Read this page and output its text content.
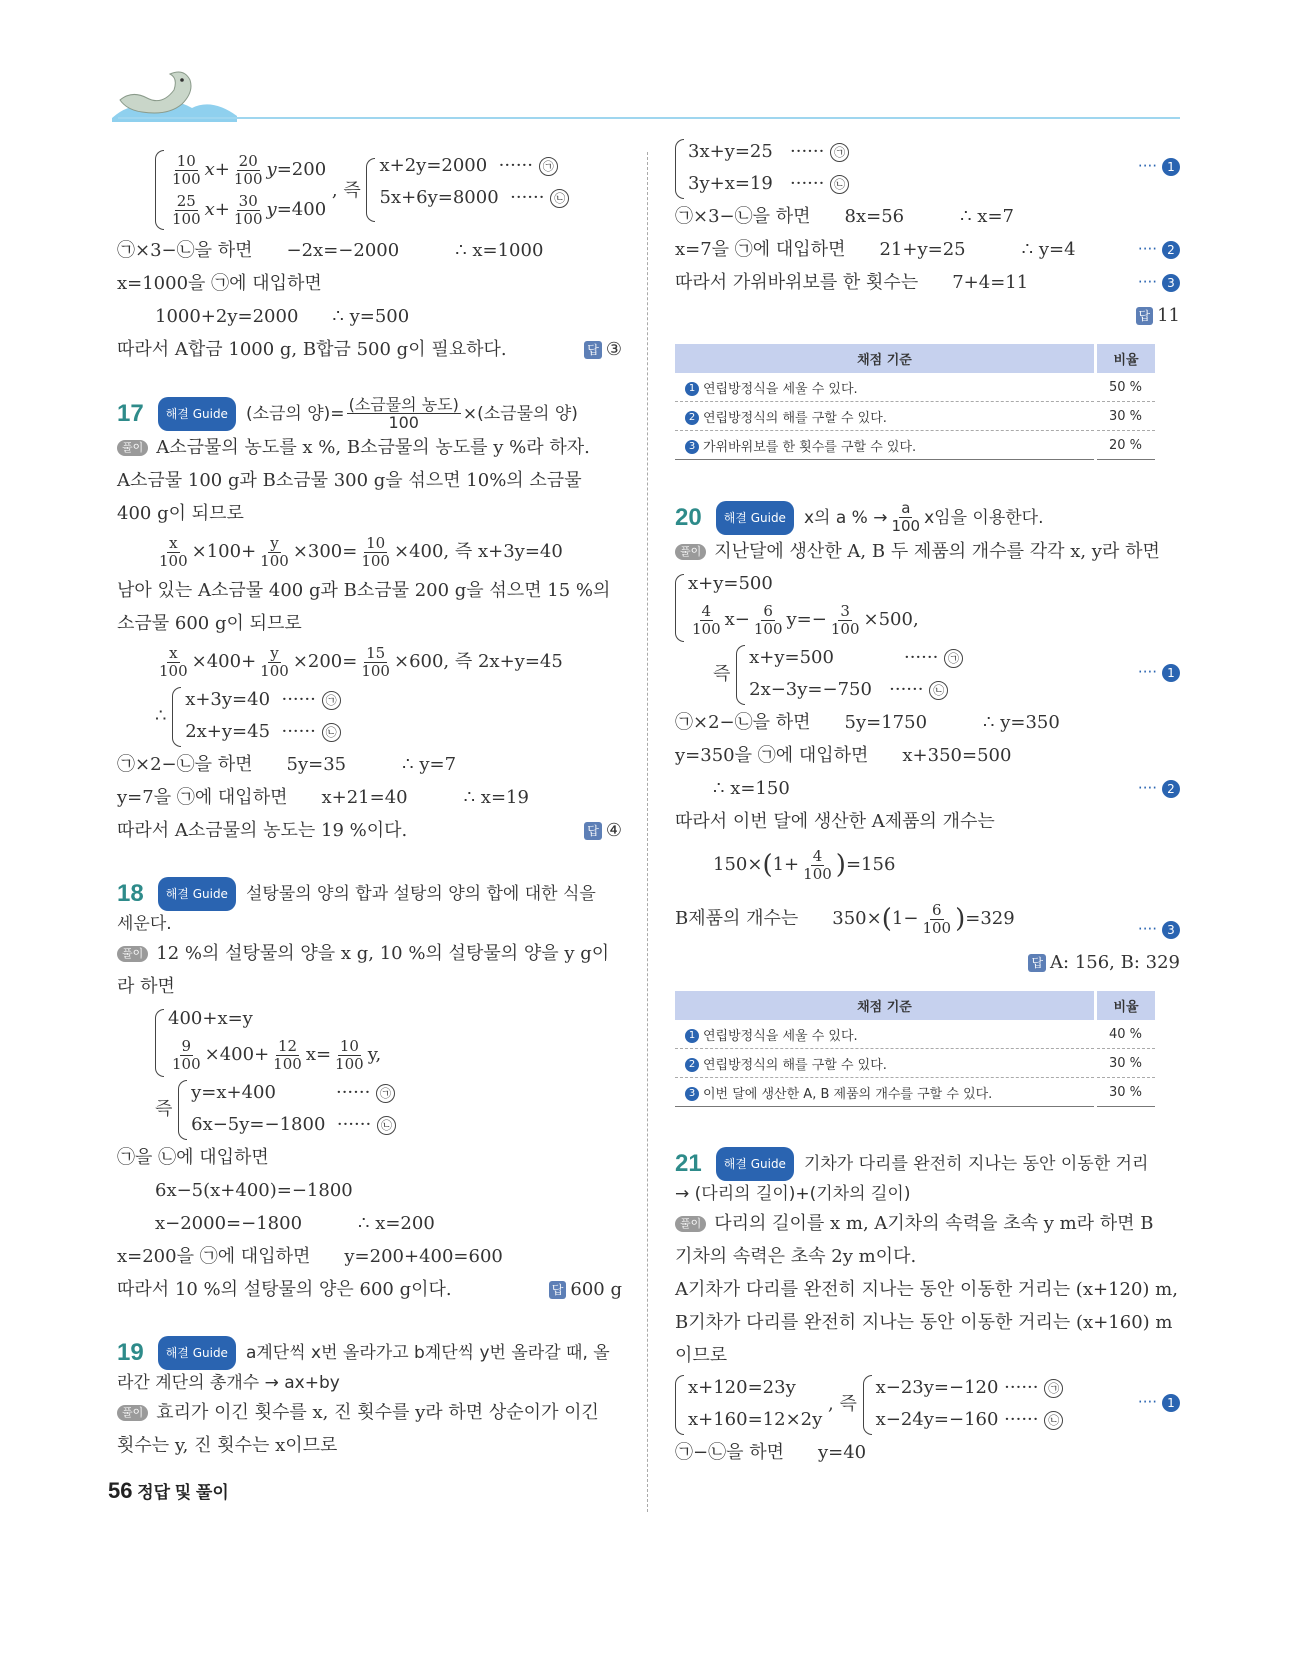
$\frac{10}{100} x+ \frac{20}{100} y=200$
$\frac{25}{100} x+ \frac{30}{100} y=400$
, 즉
x+2y=2000 ······ ㉠
5x+6y=8000 ······ ㉡
㉠×3−㉡을 하면 −2x=−2000	∴ x=1000
x=1000을 ㉠에 대입하면
1000+2y=2000 ∴ y=500
따라서 A합금 1000 g, B합금 500 g이 필요하다.	답 ③
17	해결 Guide	(소금의 양)= $\frac{\text{(소금물의 농도)}}{100}$ ×(소금물의 양)
풀이 A소금물의 농도를 x %, B소금물의 농도를 y %라 하자.
A소금물 100 g과 B소금물 300 g을 섞으면 10%의 소금물
400 g이 되므로
$\frac{x}{100} \times 100+ \frac{y}{100} \times 300= \frac{10}{100} \times 400$, 즉 x+3y=40
남아 있는 A소금물 400 g과 B소금물 200 g을 섞으면 15 %의
소금물 600 g이 되므로
$\frac{x}{100} \times 400+ \frac{y}{100} \times 200= \frac{15}{100} \times 600$, 즉 2x+y=45
∴
x+3y=40 ······ ㉠
2x+y=45 ······ ㉡
㉠×2−㉡을 하면 5y=35	∴ y=7
y=7을 ㉠에 대입하면 x+21=40	∴ x=19
따라서 A소금물의 농도는 19 %이다.	답 ④
18	해결 Guide	설탕물의 양의 합과 설탕의 양의 합에 대한 식을
세운다.
풀이 12 %의 설탕물의 양을 x g, 10 %의 설탕물의 양을 y g이
라 하면
400+x=y
$\frac{9}{100} \times 400+ \frac{12}{100} x= \frac{10}{100} y$,
즉
y=x+400	······ ㉠
6x−5y=−1800 ······ ㉡
㉠을 ㉡에 대입하면
6x−5(x+400)=−1800
x−2000=−1800	∴ x=200
x=200을 ㉠에 대입하면 y=200+400=600
따라서 10 %의 설탕물의 양은 600 g이다.	답 600 g
19	해결 Guide	a계단씩 x번 올라가고 b계단씩 y번 올라갈 때, 올
라간 계단의 총개수 → ax+by
풀이 효리가 이긴 횟수를 x, 진 횟수를 y라 하면 상순이가 이긴
횟수는 y, 진 횟수는 x이므로
3x+y=25 ······ ㉠
3y+x=19 ······ ㉡
···· 1
㉠×3−㉡을 하면 8x=56	∴ x=7
x=7을 ㉠에 대입하면 21+y=25	∴ y=4	···· 2
따라서 가위바위보를 한 횟수는 7+4=11	···· 3

답 11
채점 기준	비율
1 연립방정식을 세울 수 있다.	50 %
2 연립방정식의 해를 구할 수 있다.	30 %
3 가위바위보를 한 횟수를 구할 수 있다.	20 %
20	해결 Guide	x의 a % → $\frac{a}{100}$ x임을 이용한다.
풀이 지난달에 생산한 A, B 두 제품의 개수를 각각 x, y라 하면
x+y=500
$\frac{4}{100} x- \frac{6}{100} y=- \frac{3}{100} \times 500$,
즉
x+y=500	······ ㉠
2x−3y=−750 ······ ㉡
···· 1
㉠×2−㉡을 하면 5y=1750	∴ y=350
y=350을 ㉠에 대입하면 x+350=500
∴ x=150	···· 2
따라서 이번 달에 생산한 A제품의 개수는
$150\times(1+ \frac{4}{100} )=156$
B제품의 개수는 $350\times(1- \frac{6}{100} )=329$	···· 3

답 A: 156, B: 329
채점 기준	비율
1 연립방정식을 세울 수 있다.	40 %
2 연립방정식의 해를 구할 수 있다.	30 %
3 이번 달에 생산한 A, B 제품의 개수를 구할 수 있다.	30 %
21	해결 Guide	기차가 다리를 완전히 지나는 동안 이동한 거리
→ (다리의 길이)+(기차의 길이)
풀이 다리의 길이를 x m, A기차의 속력을 초속 y m라 하면 B
기차의 속력은 초속 2y m이다.
A기차가 다리를 완전히 지나는 동안 이동한 거리는 (x+120) m,
B기차가 다리를 완전히 지나는 동안 이동한 거리는 (x+160) m
이므로
x+120=23y
x+160=12×2y
, 즉
x−23y=−120 ······ ㉠
x−24y=−160 ······ ㉡
···· 1
㉠−㉡을 하면 y=40
56 정답 및 풀이
